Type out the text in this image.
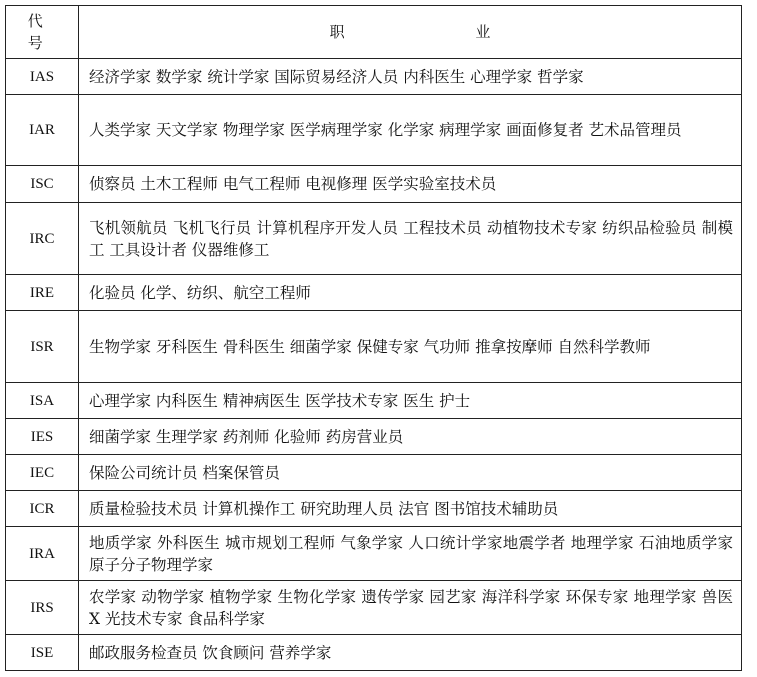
代 号	职 业
IAS	经济学家 数学家 统计学家 国际贸易经济人员 内科医生 心理学家 哲学家
IAR	人类学家 天文学家 物理学家 医学病理学家 化学家 病理学家 画面修复者 艺术品管理员
ISC	侦察员 土木工程师 电气工程师 电视修理 医学实验室技术员
IRC	飞机领航员 飞机飞行员 计算机程序开发人员 工程技术员 动植物技术专家 纺织品检验员 制模工 工具设计者 仪器维修工
IRE	化验员 化学、纺织、航空工程师
ISR	生物学家 牙科医生 骨科医生 细菌学家 保健专家 气功师 推拿按摩师 自然科学教师
ISA	心理学家 内科医生 精神病医生 医学技术专家 医生 护士
IES	细菌学家 生理学家 药剂师 化验师 药房营业员
IEC	保险公司统计员 档案保管员
ICR	质量检验技术员 计算机操作工 研究助理人员 法官 图书馆技术辅助员
IRA	地质学家 外科医生 城市规划工程师 气象学家 人口统计学家地震学者 地理学家 石油地质学家 原子分子物理学家
IRS	农学家 动物学家 植物学家 生物化学家 遗传学家 园艺家 海洋科学家 环保专家 地理学家 兽医 X 光技术专家 食品科学家
ISE	邮政服务检查员 饮食顾问 营养学家
